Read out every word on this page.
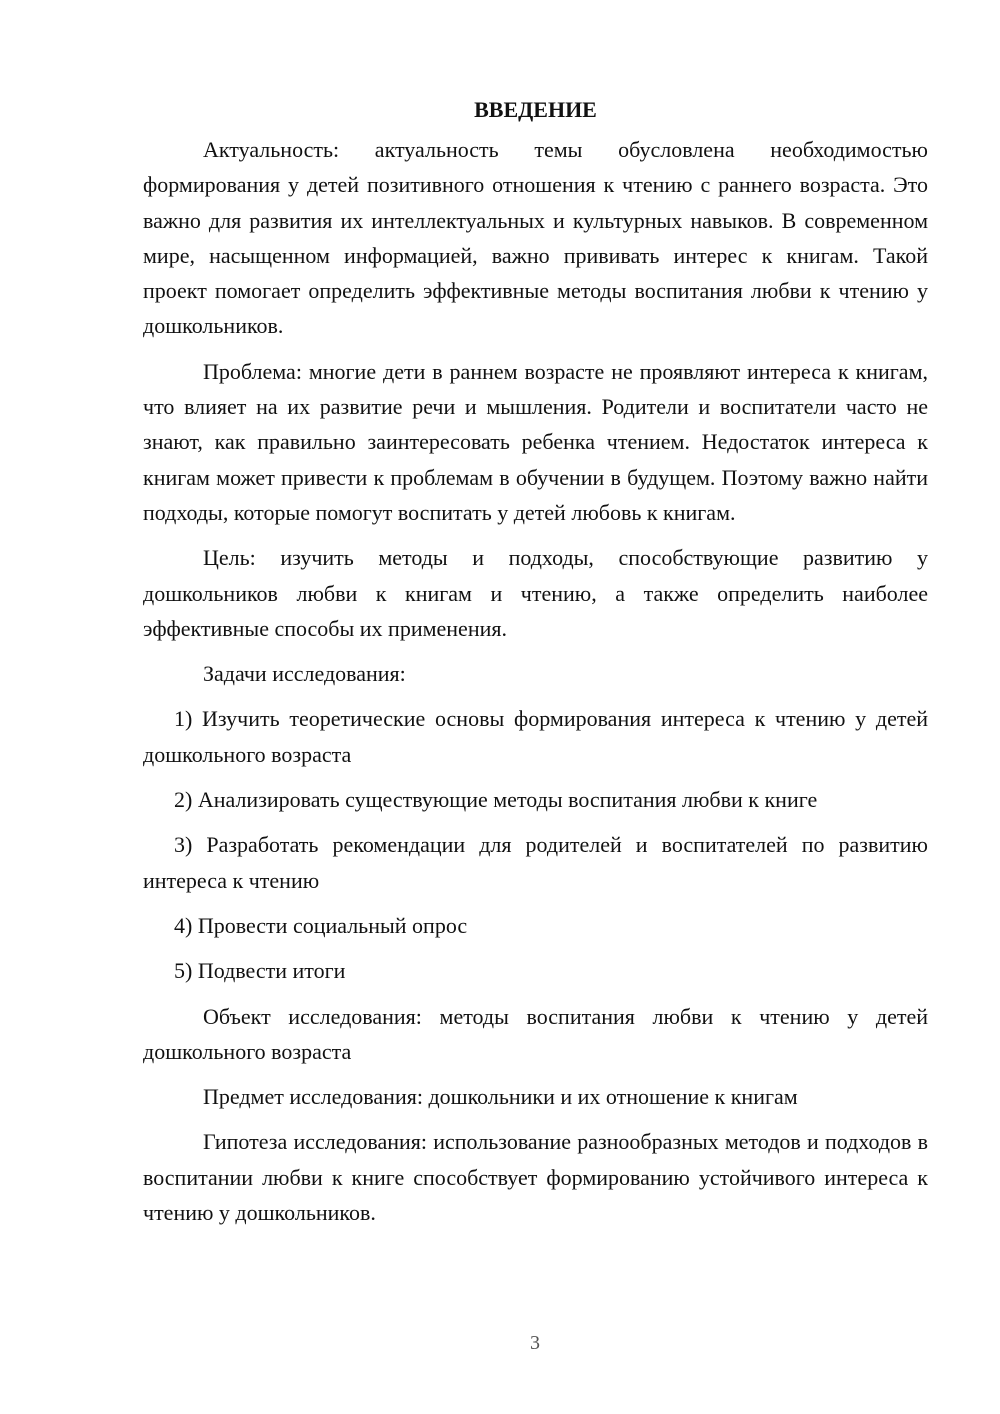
ВВЕДЕНИЕ

Актуальность: актуальность темы обусловлена необходимостью формирования у детей позитивного отношения к чтению с раннего возраста. Это важно для развития их интеллектуальных и культурных навыков. В современном мире, насыщенном информацией, важно прививать интерес к книгам. Такой проект помогает определить эффективные методы воспитания любви к чтению у дошкольников.

Проблема: многие дети в раннем возрасте не проявляют интереса к книгам, что влияет на их развитие речи и мышления. Родители и воспитатели часто не знают, как правильно заинтересовать ребенка чтением. Недостаток интереса к книгам может привести к проблемам в обучении в будущем. Поэтому важно найти подходы, которые помогут воспитать у детей любовь к книгам.

Цель: изучить методы и подходы, способствующие развитию у дошкольников любви к книгам и чтению, а также определить наиболее эффективные способы их применения.

Задачи исследования:

1) Изучить теоретические основы формирования интереса к чтению у детей дошкольного возраста

2) Анализировать существующие методы воспитания любви к книге

3) Разработать рекомендации для родителей и воспитателей по развитию интереса к чтению

4) Провести социальный опрос

5) Подвести итоги

Объект исследования: методы воспитания любви к чтению у детей дошкольного возраста

Предмет исследования: дошкольники и их отношение к книгам

Гипотеза исследования: использование разнообразных методов и подходов в воспитании любви к книге способствует формированию устойчивого интереса к чтению у дошкольников.

3
